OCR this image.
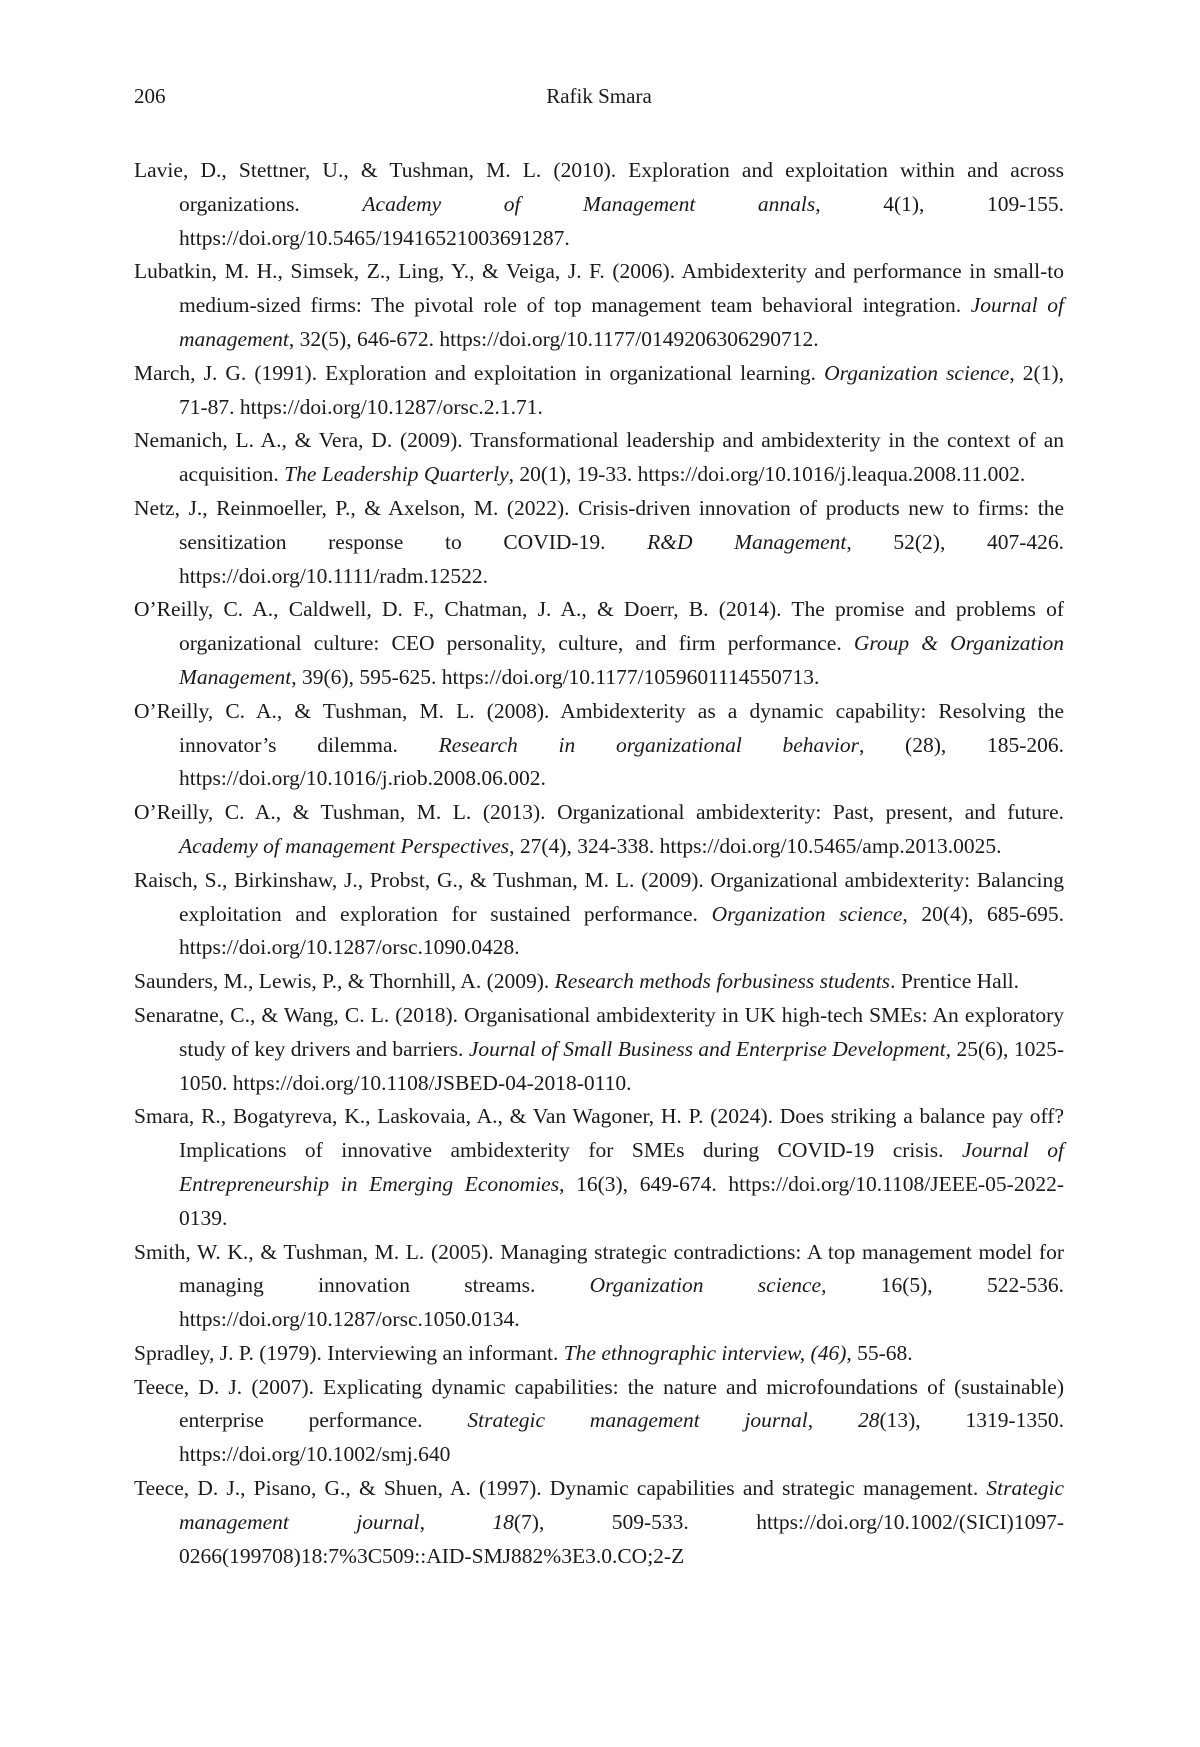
206	Rafik Smara

Lavie, D., Stettner, U., & Tushman, M. L. (2010). Exploration and exploitation within and across organizations. Academy of Management annals, 4(1), 109-155. https://doi.org/10.5465/19416521003691287.

Lubatkin, M. H., Simsek, Z., Ling, Y., & Veiga, J. F. (2006). Ambidexterity and performance in small-to medium-sized firms: The pivotal role of top management team behavioral integration. Journal of management, 32(5), 646-672. https://doi.org/10.1177/0149206306290712.

March, J. G. (1991). Exploration and exploitation in organizational learning. Organization science, 2(1), 71-87. https://doi.org/10.1287/orsc.2.1.71.

Nemanich, L. A., & Vera, D. (2009). Transformational leadership and ambidexterity in the context of an acquisition. The Leadership Quarterly, 20(1), 19-33. https://doi.org/10.1016/j.leaqua.2008.11.002.

Netz, J., Reinmoeller, P., & Axelson, M. (2022). Crisis-driven innovation of products new to firms: the sensitization response to COVID-19. R&D Management, 52(2), 407-426. https://doi.org/10.1111/radm.12522.

O’Reilly, C. A., Caldwell, D. F., Chatman, J. A., & Doerr, B. (2014). The promise and problems of organizational culture: CEO personality, culture, and firm performance. Group & Organization Management, 39(6), 595-625. https://doi.org/10.1177/1059601114550713.

O’Reilly, C. A., & Tushman, M. L. (2008). Ambidexterity as a dynamic capability: Resolving the innovator’s dilemma. Research in organizational behavior, (28), 185-206. https://doi.org/10.1016/j.riob.2008.06.002.

O’Reilly, C. A., & Tushman, M. L. (2013). Organizational ambidexterity: Past, present, and future. Academy of management Perspectives, 27(4), 324-338. https://doi.org/10.5465/amp.2013.0025.

Raisch, S., Birkinshaw, J., Probst, G., & Tushman, M. L. (2009). Organizational ambidexterity: Balancing exploitation and exploration for sustained performance. Organization science, 20(4), 685-695. https://doi.org/10.1287/orsc.1090.0428.

Saunders, M., Lewis, P., & Thornhill, A. (2009). Research methods forbusiness students. Prentice Hall.

Senaratne, C., & Wang, C. L. (2018). Organisational ambidexterity in UK high-tech SMEs: An exploratory study of key drivers and barriers. Journal of Small Business and Enterprise Development, 25(6), 1025-1050. https://doi.org/10.1108/JSBED-04-2018-0110.

Smara, R., Bogatyreva, K., Laskovaia, A., & Van Wagoner, H. P. (2024). Does striking a balance pay off? Implications of innovative ambidexterity for SMEs during COVID-19 crisis. Journal of Entrepreneurship in Emerging Economies, 16(3), 649-674. https://doi.org/10.1108/JEEE-05-2022-0139.

Smith, W. K., & Tushman, M. L. (2005). Managing strategic contradictions: A top management model for managing innovation streams. Organization science, 16(5), 522-536. https://doi.org/10.1287/orsc.1050.0134.

Spradley, J. P. (1979). Interviewing an informant. The ethnographic interview, (46), 55-68.

Teece, D. J. (2007). Explicating dynamic capabilities: the nature and microfoundations of (sustainable) enterprise performance. Strategic management journal, 28(13), 1319-1350. https://doi.org/10.1002/smj.640

Teece, D. J., Pisano, G., & Shuen, A. (1997). Dynamic capabilities and strategic management. Strategic management journal, 18(7), 509-533. https://doi.org/10.1002/(SICI)1097-0266(199708)18:7%3C509::AID-SMJ882%3E3.0.CO;2-Z
